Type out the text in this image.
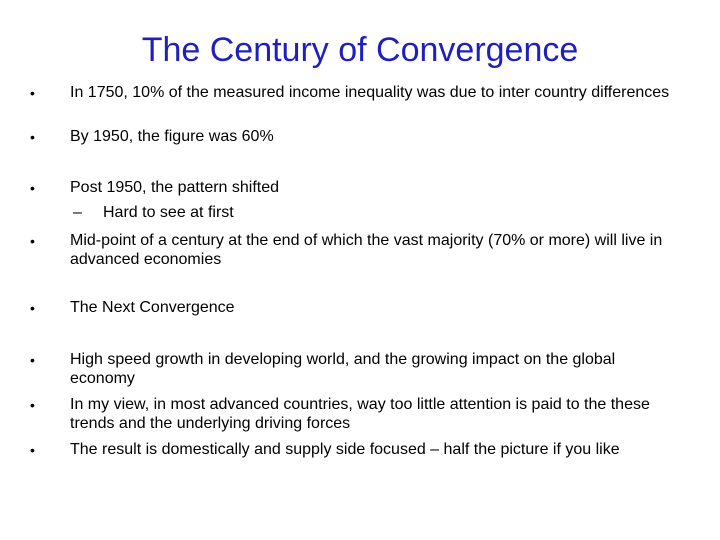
The Century of Convergence
•	In 1750, 10% of the measured income inequality was due to inter country differences
•	By 1950, the figure was 60%
•	Post 1950, the pattern shifted
– Hard to see at first
•	Mid-point of a century at the end of which the vast majority (70% or more) will live in advanced economies
•	The Next Convergence
•	High speed growth in developing world, and the growing impact on the global economy
•	In my view, in most advanced countries, way too little attention is paid to the these trends and the underlying driving forces
•	The result is domestically and supply side focused – half the picture if you like
